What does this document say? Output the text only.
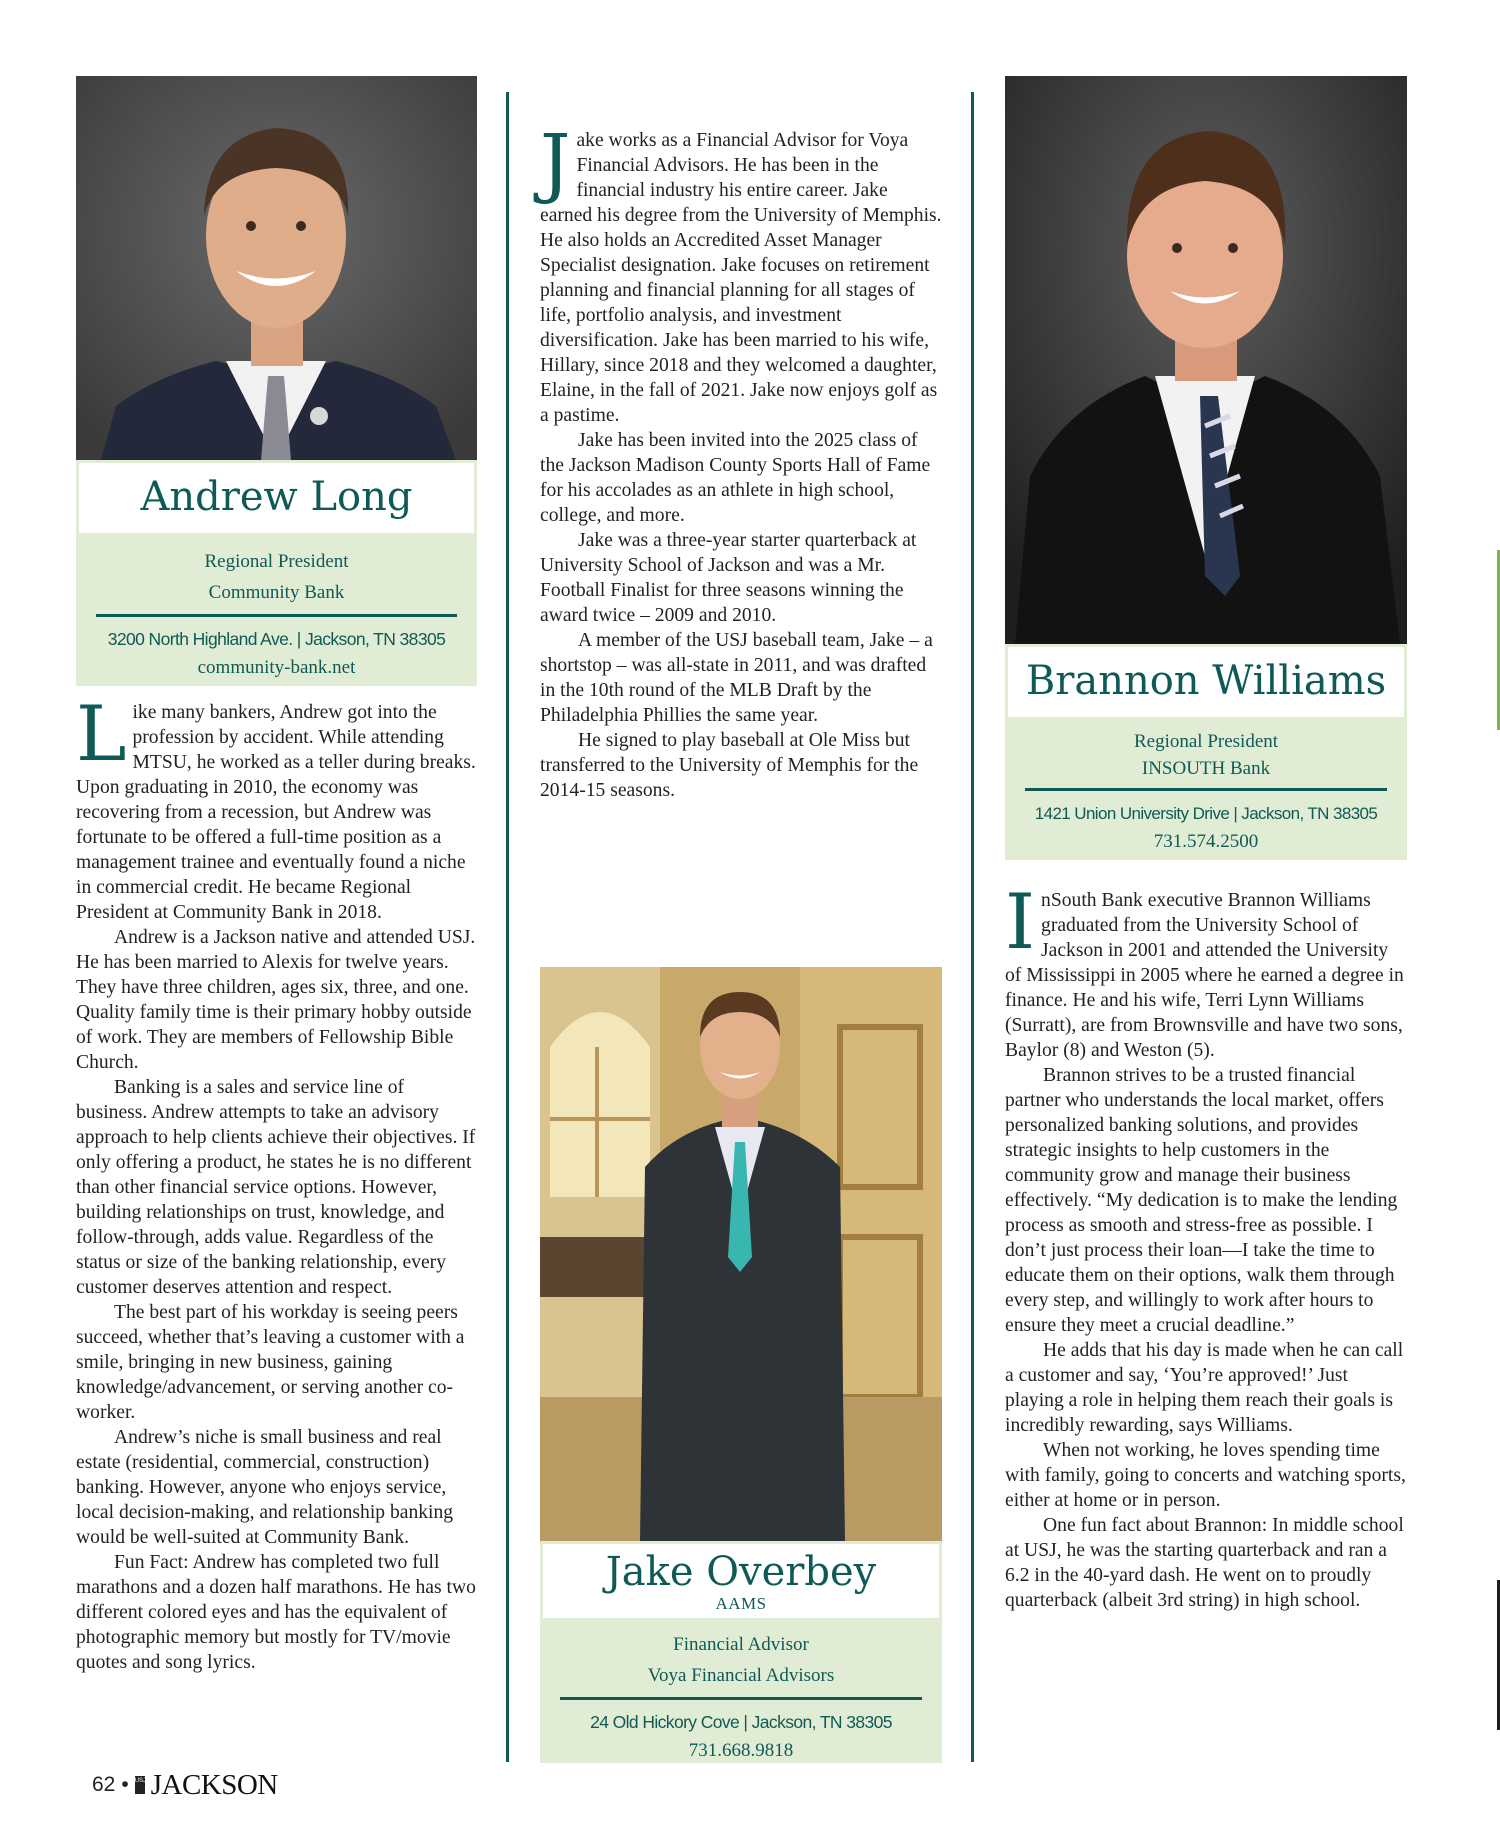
Andrew Long
Regional President
Community Bank
3200 North Highland Ave. | Jackson, TN 38305
community-bank.net

Like many bankers, Andrew got into the profession by accident. While attending MTSU, he worked as a teller during breaks. Upon graduating in 2010, the economy was recovering from a recession, but Andrew was fortunate to be offered a full-time position as a management trainee and eventually found a niche in commercial credit. He became Regional President at Community Bank in 2018.

Andrew is a Jackson native and attended USJ. He has been married to Alexis for twelve years. They have three children, ages six, three, and one. Quality family time is their primary hobby outside of work. They are members of Fellowship Bible Church.

Banking is a sales and service line of business. Andrew attempts to take an advisory approach to help clients achieve their objectives. If only offering a product, he states he is no different than other financial service options. However, building relationships on trust, knowledge, and follow-through, adds value. Regardless of the status or size of the banking relationship, every customer deserves attention and respect.

The best part of his workday is seeing peers succeed, whether that’s leaving a customer with a smile, bringing in new business, gaining knowledge/advancement, or serving another co-worker.

Andrew’s niche is small business and real estate (residential, commercial, construction) banking. However, anyone who enjoys service, local decision-making, and relationship banking would be well-suited at Community Bank.

Fun Fact: Andrew has completed two full marathons and a dozen half marathons. He has two different colored eyes and has the equivalent of photographic memory but mostly for TV/movie quotes and song lyrics.

Jake works as a Financial Advisor for Voya Financial Advisors. He has been in the financial industry his entire career. Jake earned his degree from the University of Memphis. He also holds an Accredited Asset Manager Specialist designation. Jake focuses on retirement planning and financial planning for all stages of life, portfolio analysis, and investment diversification. Jake has been married to his wife, Hillary, since 2018 and they welcomed a daughter, Elaine, in the fall of 2021. Jake now enjoys golf as a pastime.

Jake has been invited into the 2025 class of the Jackson Madison County Sports Hall of Fame for his accolades as an athlete in high school, college, and more.

Jake was a three-year starter quarterback at University School of Jackson and was a Mr. Football Finalist for three seasons winning the award twice – 2009 and 2010.

A member of the USJ baseball team, Jake – a shortstop – was all-state in 2011, and was drafted in the 10th round of the MLB Draft by the Philadelphia Phillies the same year.

He signed to play baseball at Ole Miss but transferred to the University of Memphis for the 2014-15 seasons.

Jake Overbey
AAMS
Financial Advisor
Voya Financial Advisors
24 Old Hickory Cove | Jackson, TN 38305
731.668.9818
Brannon Williams
Regional President
INSOUTH Bank
1421 Union University Drive | Jackson, TN 38305
731.574.2500

InSouth Bank executive Brannon Williams graduated from the University School of Jackson in 2001 and attended the University of Mississippi in 2005 where he earned a degree in finance. He and his wife, Terri Lynn Williams (Surratt), are from Brownsville and have two sons, Baylor (8) and Weston (5).

Brannon strives to be a trusted financial partner who understands the local market, offers personalized banking solutions, and provides strategic insights to help customers in the community grow and manage their business effectively. “My dedication is to make the lending process as smooth and stress-free as possible. I don’t just process their loan—I take the time to educate them on their options, walk them through every step, and willingly to work after hours to ensure they meet a crucial deadline.”

He adds that his day is made when he can call a customer and say, ‘You’re approved!’ Just playing a role in helping them reach their goals is incredibly rewarding, says Williams.

When not working, he loves spending time with family, going to concerts and watching sports, either at home or in person.

One fun fact about Brannon: In middle school at USJ, he was the starting quarterback and ran a 6.2 in the 40-yard dash. He went on to proudly quarterback (albeit 3rd string) in high school.

62 • USJ JACKSON
